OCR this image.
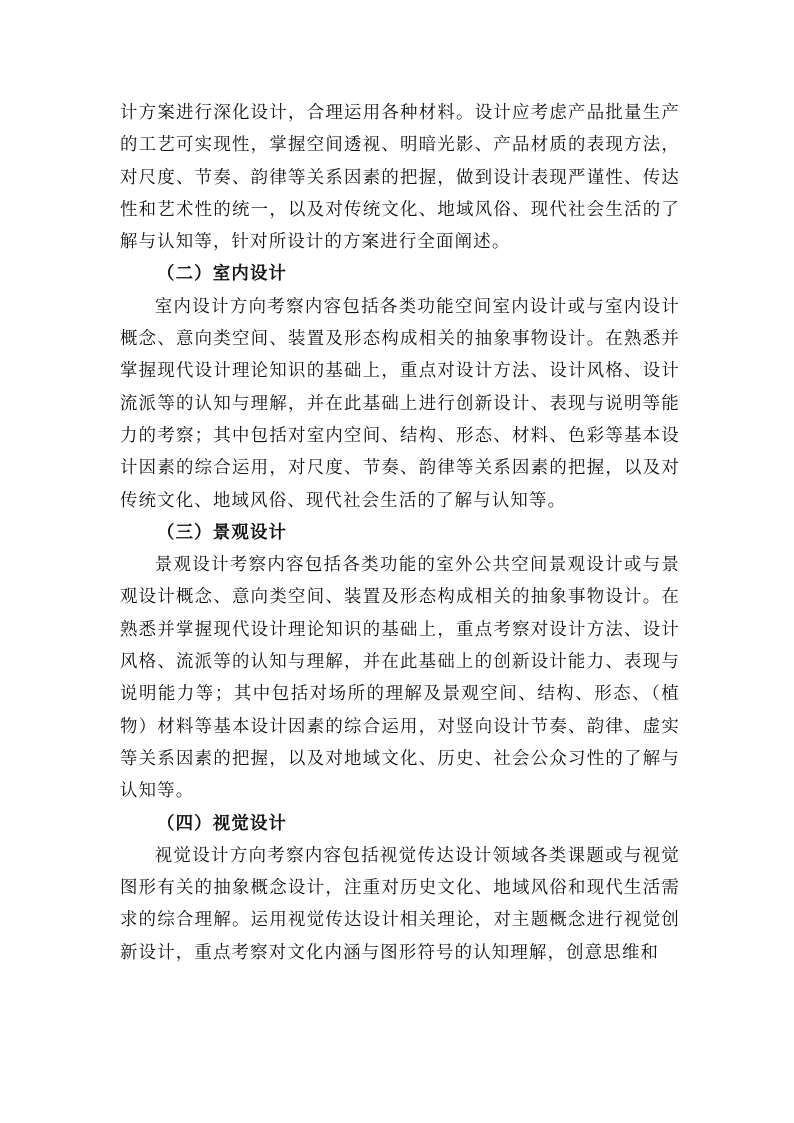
计方案进行深化设计，合理运用各种材料。设计应考虑产品批量生产的工艺可实现性，掌握空间透视、明暗光影、产品材质的表现方法，对尺度、节奏、韵律等关系因素的把握，做到设计表现严谨性、传达性和艺术性的统一，以及对传统文化、地域风俗、现代社会生活的了解与认知等，针对所设计的方案进行全面阐述。

（二）室内设计

室内设计方向考察内容包括各类功能空间室内设计或与室内设计概念、意向类空间、装置及形态构成相关的抽象事物设计。在熟悉并掌握现代设计理论知识的基础上，重点对设计方法、设计风格、设计流派等的认知与理解，并在此基础上进行创新设计、表现与说明等能力的考察；其中包括对室内空间、结构、形态、材料、色彩等基本设计因素的综合运用，对尺度、节奏、韵律等关系因素的把握，以及对传统文化、地域风俗、现代社会生活的了解与认知等。

（三）景观设计

景观设计考察内容包括各类功能的室外公共空间景观设计或与景观设计概念、意向类空间、装置及形态构成相关的抽象事物设计。在熟悉并掌握现代设计理论知识的基础上，重点考察对设计方法、设计风格、流派等的认知与理解，并在此基础上的创新设计能力、表现与说明能力等；其中包括对场所的理解及景观空间、结构、形态、（植物）材料等基本设计因素的综合运用，对竖向设计节奏、韵律、虚实等关系因素的把握，以及对地域文化、历史、社会公众习性的了解与认知等。

（四）视觉设计

视觉设计方向考察内容包括视觉传达设计领域各类课题或与视觉图形有关的抽象概念设计，注重对历史文化、地域风俗和现代生活需求的综合理解。运用视觉传达设计相关理论，对主题概念进行视觉创新设计，重点考察对文化内涵与图形符号的认知理解，创意思维和
